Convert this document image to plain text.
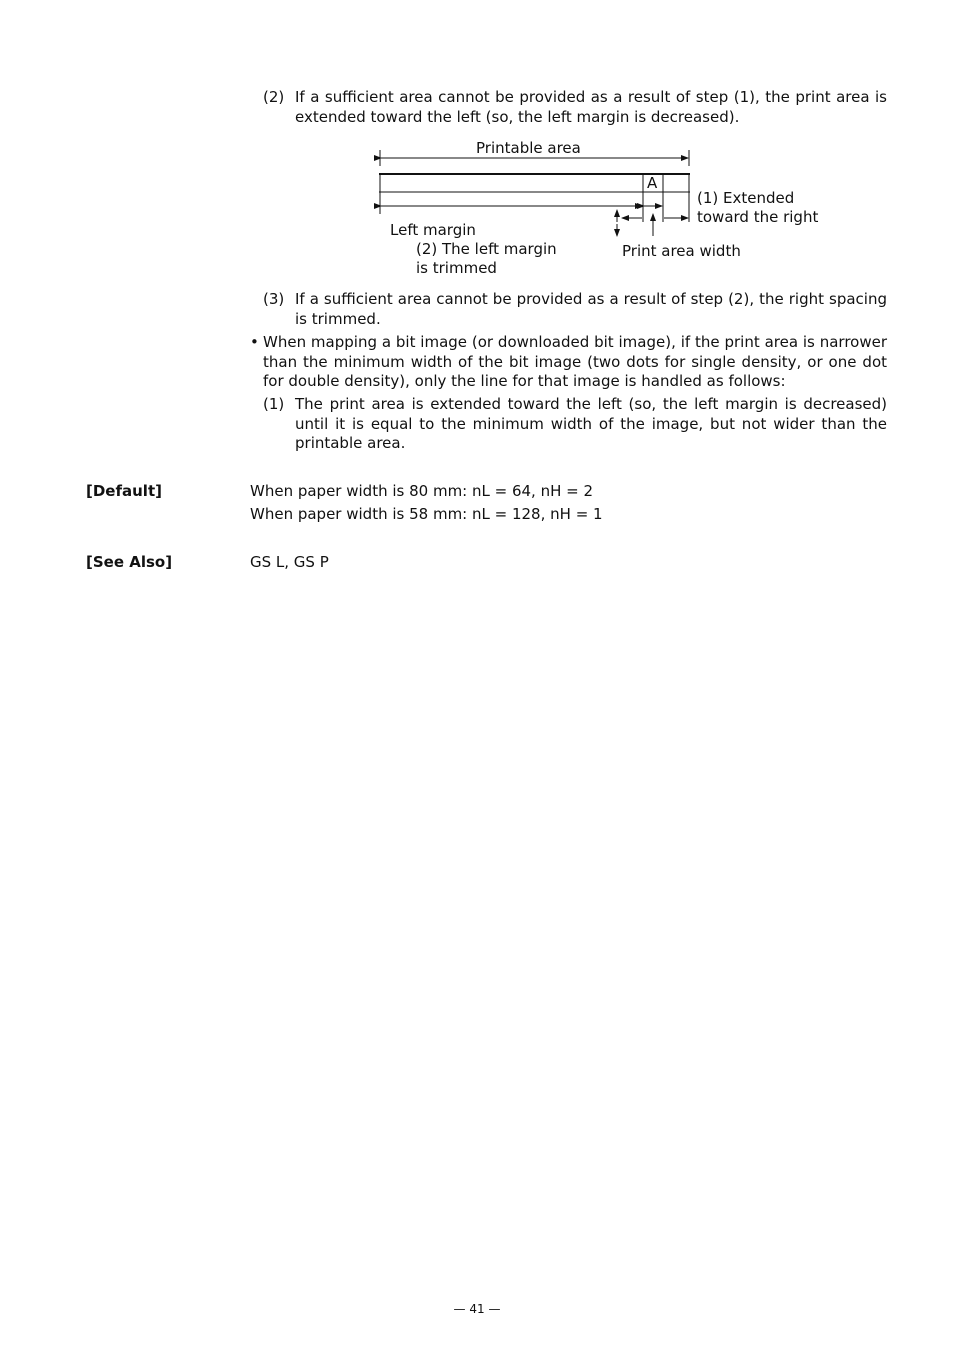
(2) If a sufficient area cannot be provided as a result of step (1), the print area is extended toward the left (so, the left margin is decreased).
Printable area
A
(1) Extended
toward the right
Left margin
(2) The left margin
is trimmed
Print area width
(3) If a sufficient area cannot be provided as a result of step (2), the right spacing is trimmed.
• When mapping a bit image (or downloaded bit image), if the print area is narrower than the minimum width of the bit image (two dots for single density, or one dot for double density), only the line for that image is handled as follows:
(1) The print area is extended toward the left (so, the left margin is decreased) until it is equal to the minimum width of the image, but not wider than the printable area.
[Default]	When paper width is 80 mm: nL = 64, nH = 2
When paper width is 58 mm: nL = 128, nH = 1
[See Also]	GS L, GS P
— 41 —
